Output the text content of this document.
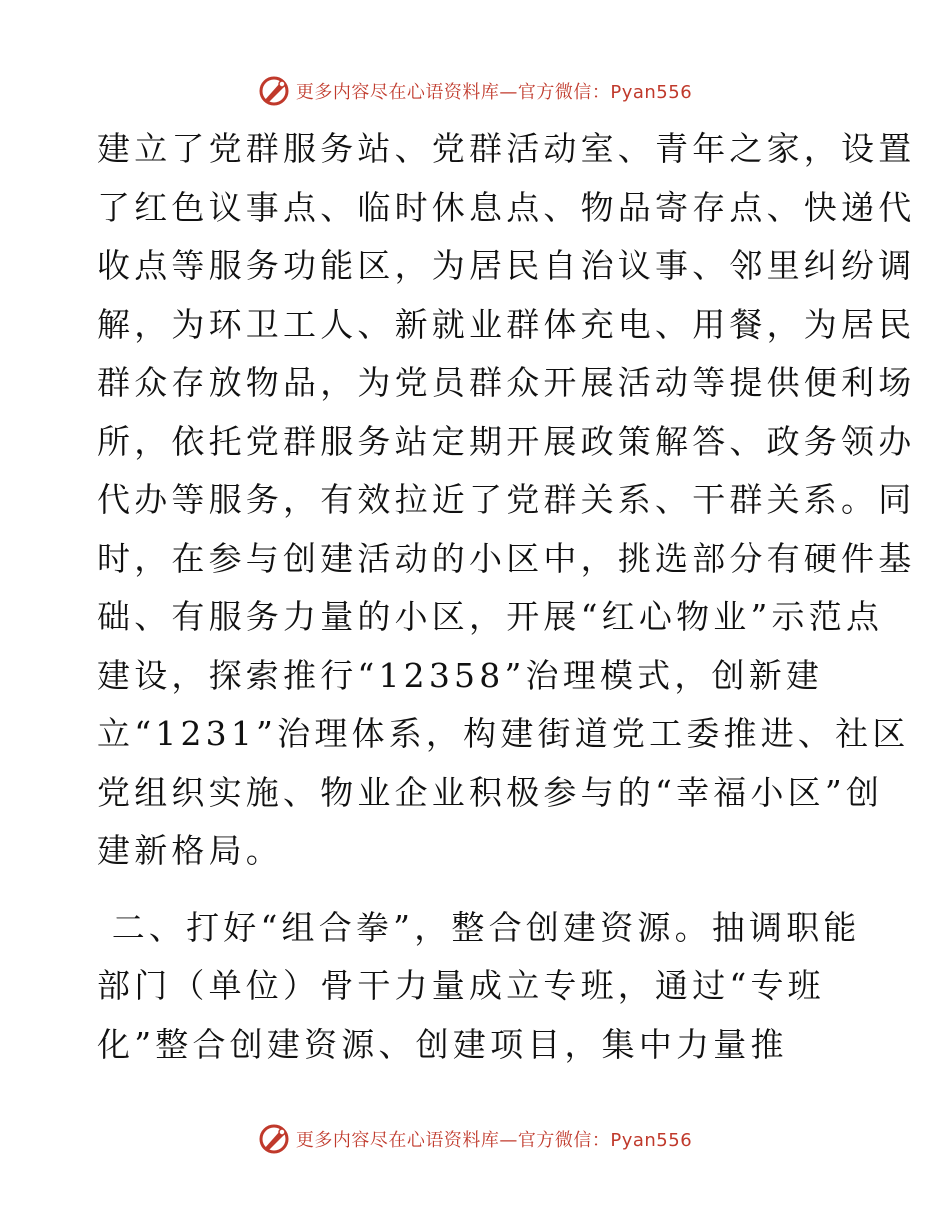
更多内容尽在心语资料库—官方微信：Pyan556
建立了党群服务站、党群活动室、青年之家，设置
了红色议事点、临时休息点、物品寄存点、快递代
收点等服务功能区，为居民自治议事、邻里纠纷调
解，为环卫工人、新就业群体充电、用餐，为居民
群众存放物品，为党员群众开展活动等提供便利场
所，依托党群服务站定期开展政策解答、政务领办
代办等服务，有效拉近了党群关系、干群关系。同
时，在参与创建活动的小区中，挑选部分有硬件基
础、有服务力量的小区，开展“红心物业”示范点
建设，探索推行“12358”治理模式，创新建
立“1231”治理体系，构建街道党工委推进、社区
党组织实施、物业企业积极参与的“幸福小区”创
建新格局。
二、打好“组合拳”，整合创建资源。抽调职能
部门（单位）骨干力量成立专班，通过“专班
化”整合创建资源、创建项目，集中力量推
更多内容尽在心语资料库—官方微信：Pyan556
